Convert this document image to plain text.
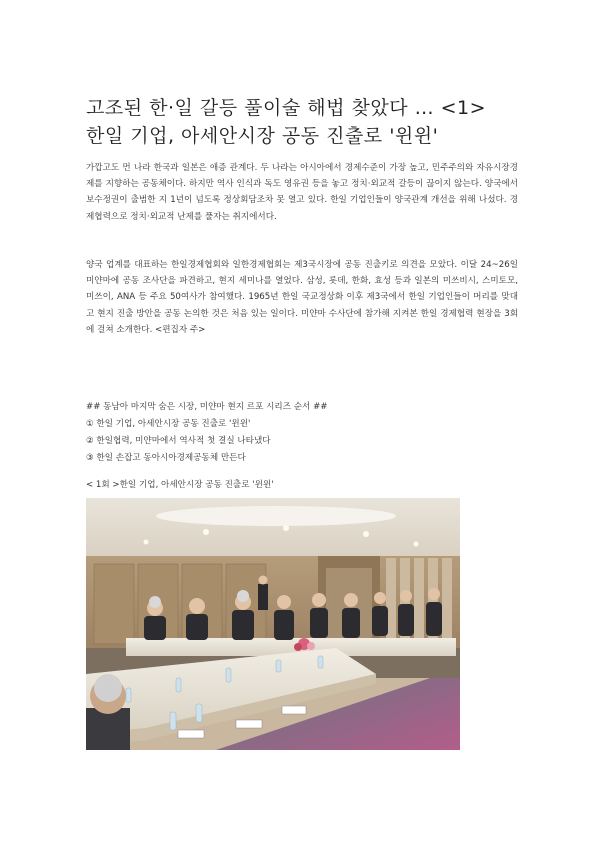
고조된 한·일 갈등 풀이술 해법 찾았다 … <1>
한일 기업, 아세안시장 공동 진출로 '윈윈'

가깝고도 먼 나라 한국과 일본은 애증 관계다. 두 나라는 아시아에서 경제수준이 가장 높고, 민주주의와 자유시장경제를 지향하는 공동체이다. 하지만 역사 인식과 독도 영유권 등을 놓고 정치·외교적 갈등이 끊이지 않는다. 양국에서 보수정권이 출범한 지 1년이 넘도록 정상회담조차 못 열고 있다. 한일 기업인들이 양국관계 개선을 위해 나섰다. 경제협력으로 정치·외교적 난제를 풀자는 취지에서다.

양국 업계를 대표하는 한일경제협회와 일한경제협회는 제3국시장에 공동 진출키로 의견을 모았다. 이달 24~26일 미얀마에 공동 조사단을 파견하고, 현지 세미나를 열었다. 삼성, 롯데, 한화, 효성 등과 일본의 미쓰비시, 스미토모, 미쓰이, ANA 등 주요 50여사가 참여했다. 1965년 한일 국교정상화 이후 제3국에서 한일 기업인들이 머리를 맞대고 현지 진출 방안을 공동 논의한 것은 처음 있는 일이다. 미얀마 수사단에 참가해 지켜본 한일 경제협력 현장을 3회에 걸쳐 소개한다. <편집자 주>

## 동남아 마지막 숨은 시장, 미얀마 현지 르포 시리즈 순서 ##
① 한일 기업, 아세안시장 공동 진출로 '윈윈'
② 한일협력, 미얀마에서 역사적 첫 결실 나타냈다
③ 한일 손잡고 동아시아경제공동체 만든다
< 1회 >한일 기업, 아세안시장 공동 진출로 '윈윈'
